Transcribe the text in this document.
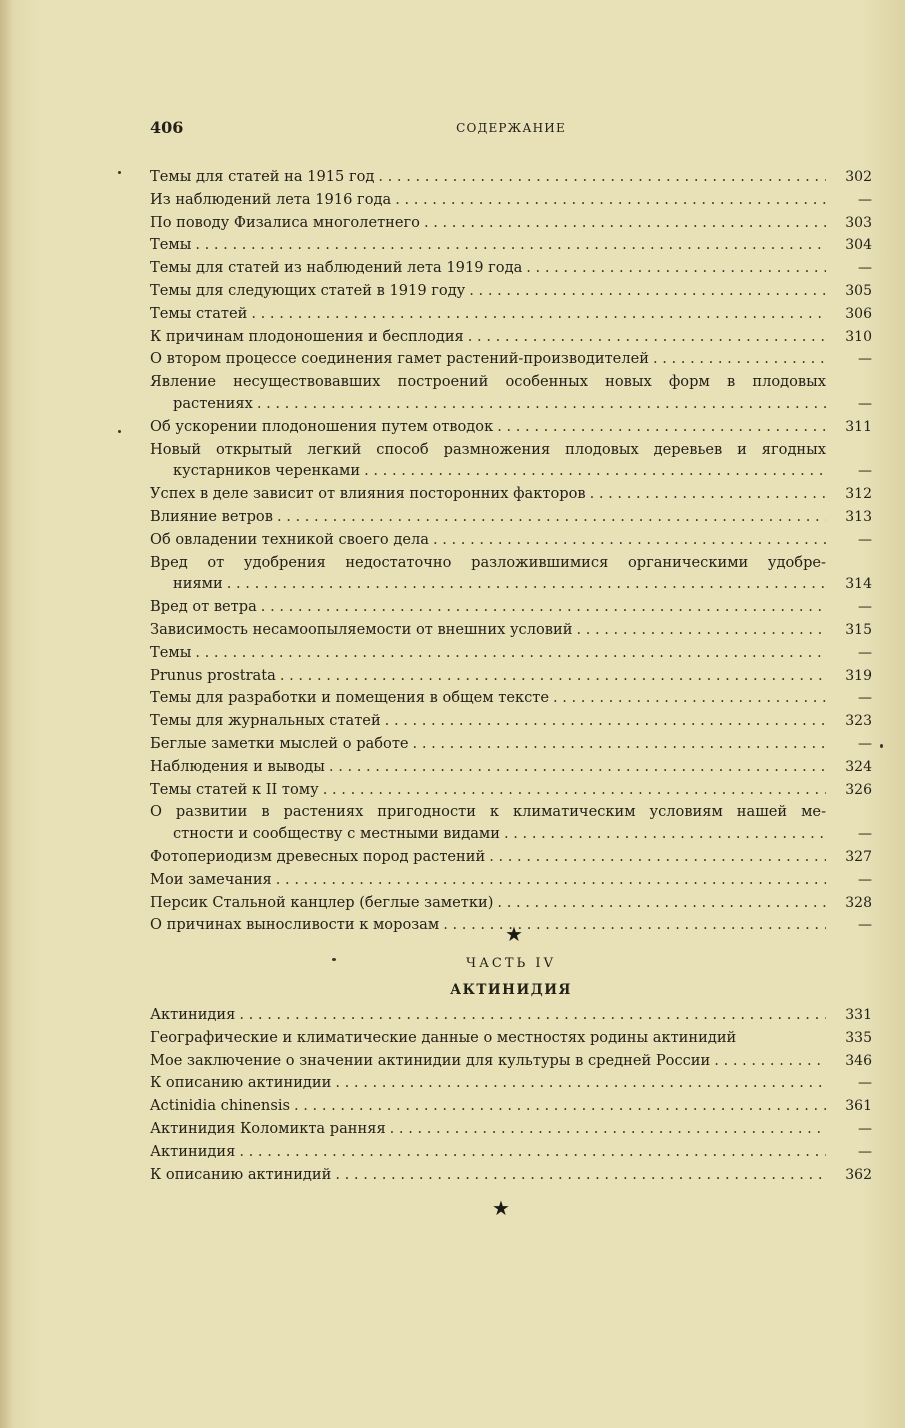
406	СОДЕРЖАНИЕ
Темы для статей на 1915 год . . .	302
Из наблюдений лета 1916 года . . .	—
По поводу Физалиса многолетнего . . .	303
Темы . . .	304
Темы для статей из наблюдений лета 1919 года . . .	—
Темы для следующих статей в 1919 году . . .	305
Темы статей . . .	306
К причинам плодоношения и бесплодия . . .	310
О втором процессе соединения гамет растений-производителей . . .	—
Явление несуществовавших построений особенных новых форм в плодовых
растениях . . .	—
Об ускорении плодоношения путем отводок . . .	311
Новый открытый легкий способ размножения плодовых деревьев и ягодных
кустарников черенками . . .	—
Успех в деле зависит от влияния посторонних факторов . . .	312
Влияние ветров . . .	313
Об овладении техникой своего дела . . .	—
Вред от удобрения недостаточно разложившимися органическими удобре-
ниями . . .	314
Вред от ветра . . .	—
Зависимость несамоопыляемости от внешних условий . . .	315
Темы . . .	—
Prunus prostrata . . .	319
Темы для разработки и помещения в общем тексте . . .	—
Темы для журнальных статей . . .	323
Беглые заметки мыслей о работе . . .	—
Наблюдения и выводы . . .	324
Темы статей к II тому . . .	326
О развитии в растениях пригодности к климатическим условиям нашей ме-
стности и сообществу с местными видами . . .	—
Фотопериодизм древесных пород растений . . .	327
Мои замечания . . .	—
Персик Стальной канцлер (беглые заметки) . . .	328
О причинах выносливости к морозам . . .	—
★
ЧАСТЬ IV
АКТИНИДИЯ
Актинидия . . .	331
Географические и климатические данные о местностях родины актинидий	335
Мое заключение о значении актинидии для культуры в средней России . . .	346
К описанию актинидии . . .	—
Actinidia chinensis . . .	361
Актинидия Коломикта ранняя . . .	—
Актинидия . . .	—
К описанию актинидий . . .	362
★
